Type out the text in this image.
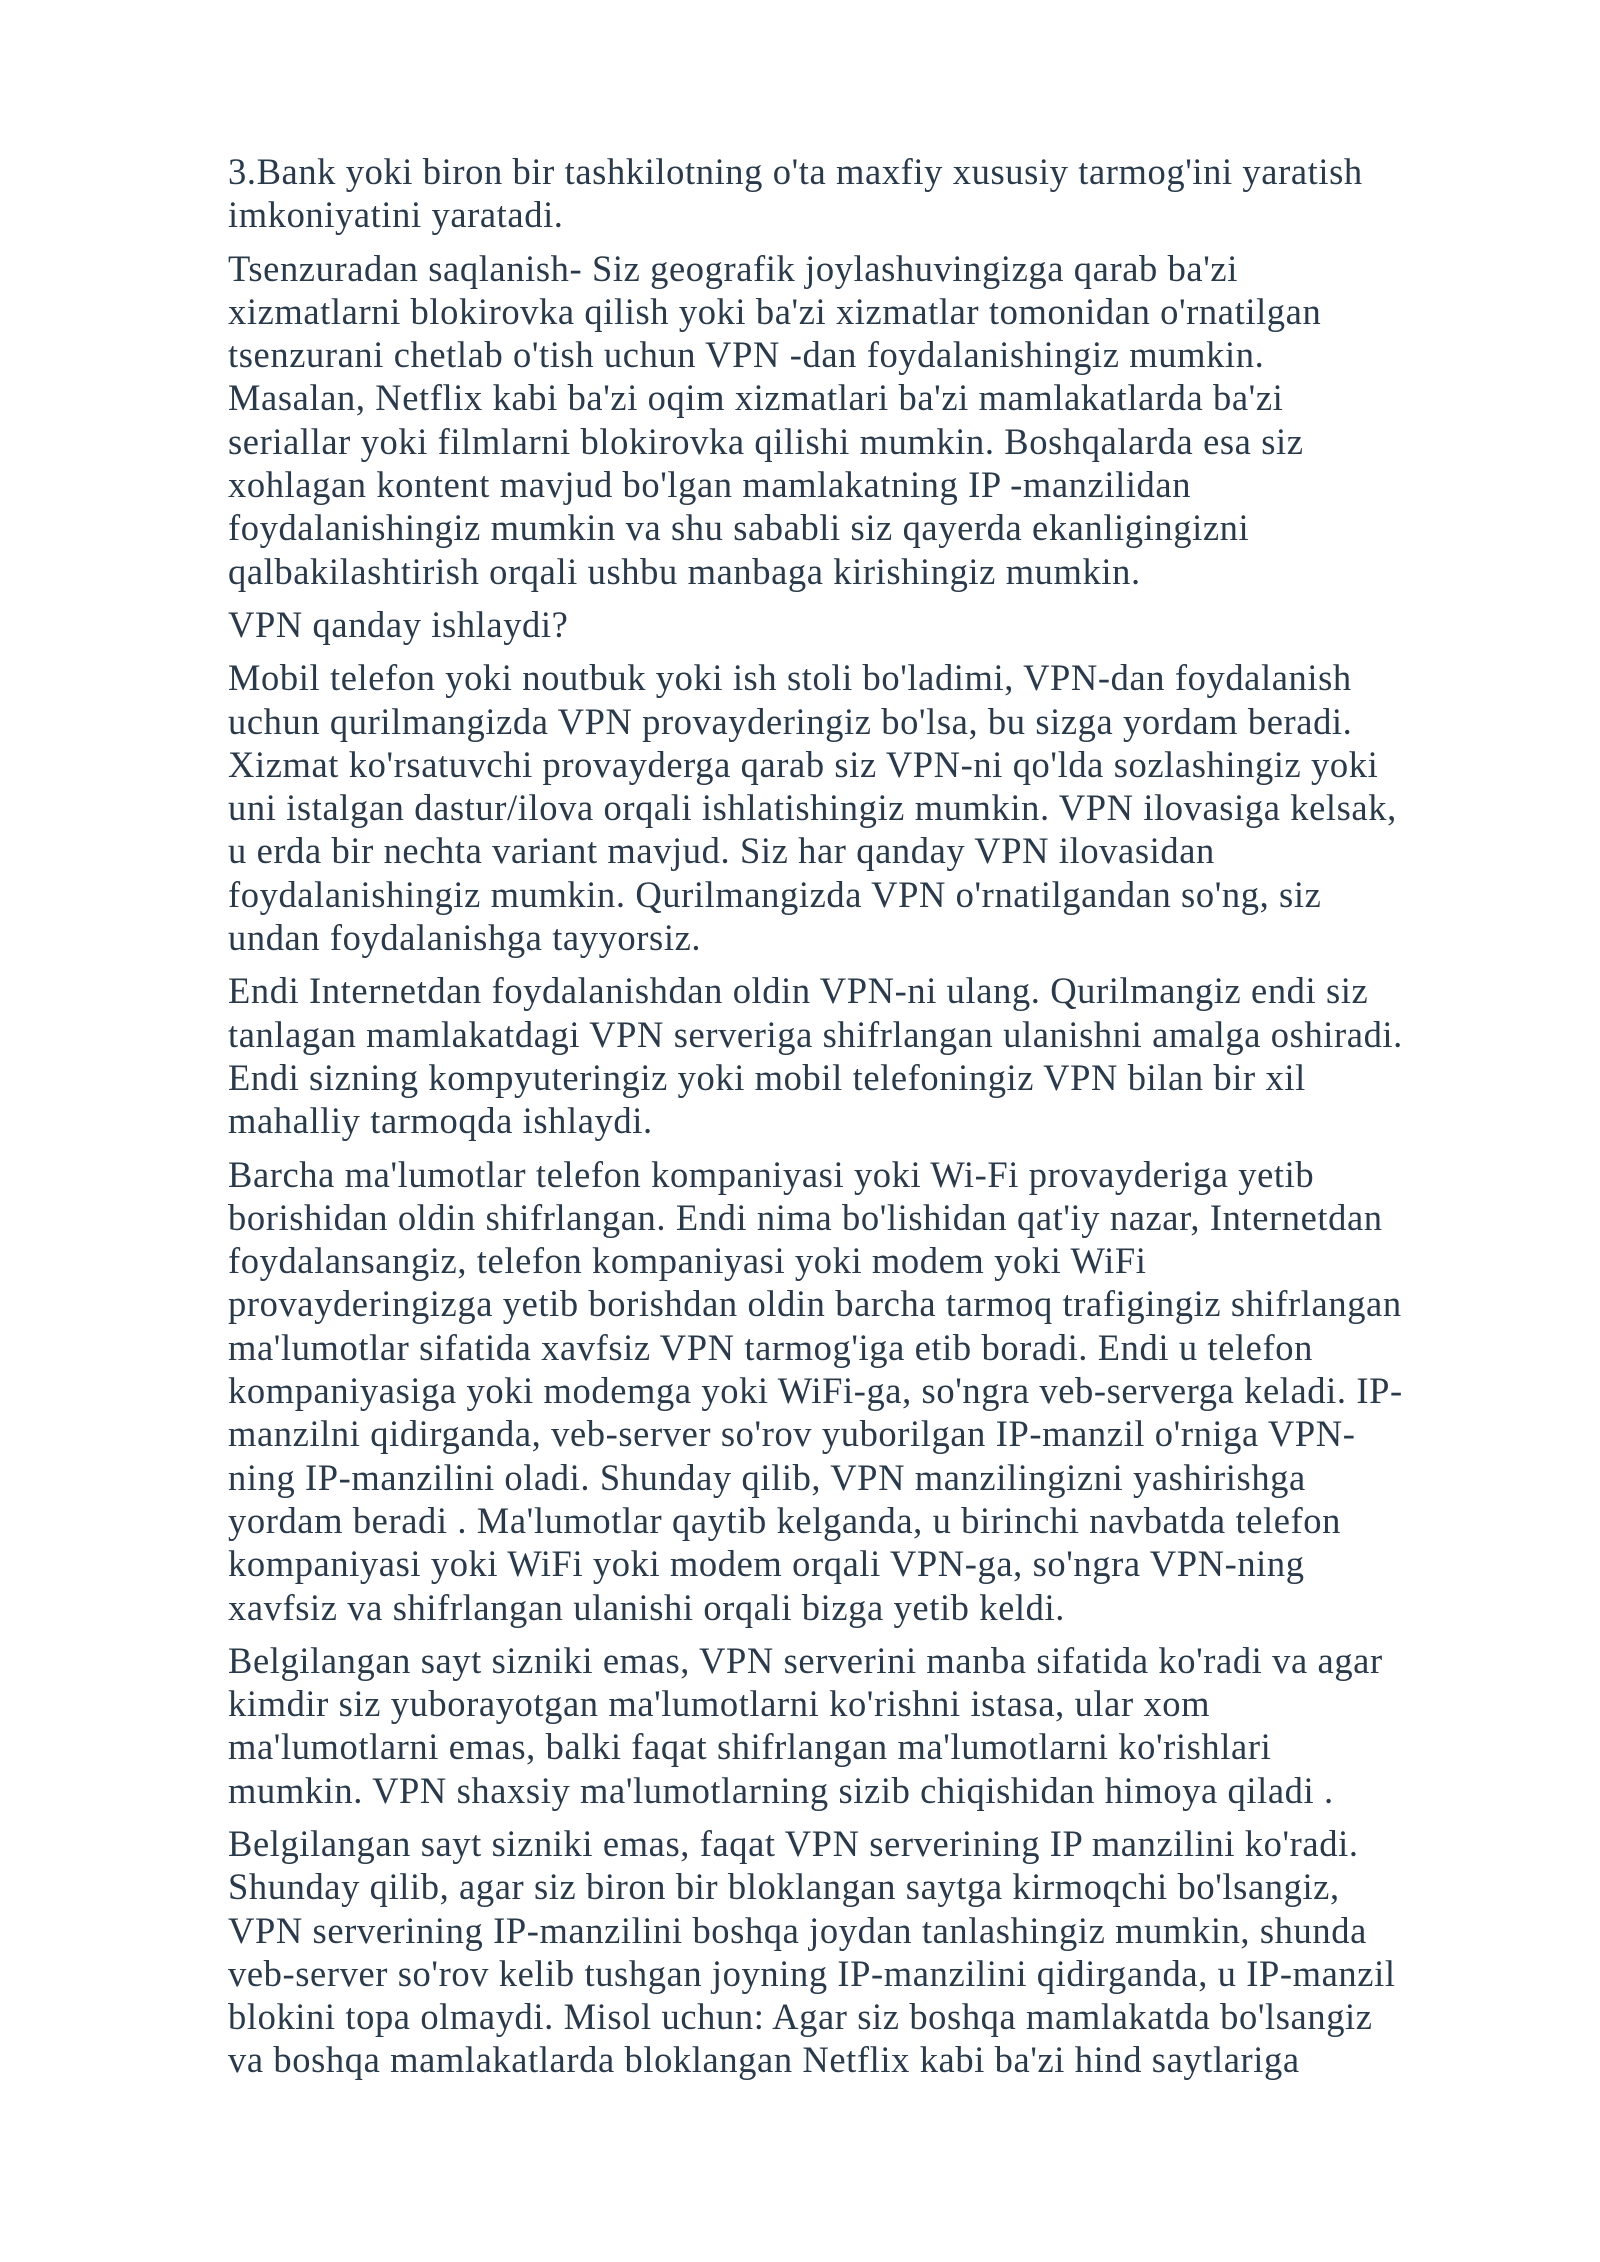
3.Bank yoki biron bir tashkilotning o'ta maxfiy xususiy tarmog'ini yaratish
imkoniyatini yaratadi.

Tsenzuradan saqlanish- Siz geografik joylashuvingizga qarab ba'zi
xizmatlarni blokirovka qilish yoki ba'zi xizmatlar tomonidan o'rnatilgan
tsenzurani chetlab o'tish uchun VPN -dan foydalanishingiz mumkin.
Masalan, Netflix kabi ba'zi oqim xizmatlari ba'zi mamlakatlarda ba'zi
seriallar yoki filmlarni blokirovka qilishi mumkin. Boshqalarda esa siz
xohlagan kontent mavjud bo'lgan mamlakatning IP -manzilidan
foydalanishingiz mumkin va shu sababli siz qayerda ekanligingizni
qalbakilashtirish orqali ushbu manbaga kirishingiz mumkin.

VPN qanday ishlaydi?

Mobil telefon yoki noutbuk yoki ish stoli bo'ladimi, VPN-dan foydalanish
uchun qurilmangizda VPN provayderingiz bo'lsa, bu sizga yordam beradi.
Xizmat ko'rsatuvchi provayderga qarab siz VPN-ni qo'lda sozlashingiz yoki
uni istalgan dastur/ilova orqali ishlatishingiz mumkin. VPN ilovasiga kelsak,
u erda bir nechta variant mavjud. Siz har qanday VPN ilovasidan
foydalanishingiz mumkin. Qurilmangizda VPN o'rnatilgandan so'ng, siz
undan foydalanishga tayyorsiz.

Endi Internetdan foydalanishdan oldin VPN-ni ulang. Qurilmangiz endi siz
tanlagan mamlakatdagi VPN serveriga shifrlangan ulanishni amalga oshiradi.
Endi sizning kompyuteringiz yoki mobil telefoningiz VPN bilan bir xil
mahalliy tarmoqda ishlaydi.

Barcha ma'lumotlar telefon kompaniyasi yoki Wi-Fi provayderiga yetib
borishidan oldin shifrlangan. Endi nima bo'lishidan qat'iy nazar, Internetdan
foydalansangiz, telefon kompaniyasi yoki modem yoki WiFi
provayderingizga yetib borishdan oldin barcha tarmoq trafigingiz shifrlangan
ma'lumotlar sifatida xavfsiz VPN tarmog'iga etib boradi. Endi u telefon
kompaniyasiga yoki modemga yoki WiFi-ga, so'ngra veb-serverga keladi. IP-
manzilni qidirganda, veb-server so'rov yuborilgan IP-manzil o'rniga VPN-
ning IP-manzilini oladi. Shunday qilib, VPN manzilingizni yashirishga
yordam beradi . Ma'lumotlar qaytib kelganda, u birinchi navbatda telefon
kompaniyasi yoki WiFi yoki modem orqali VPN-ga, so'ngra VPN-ning
xavfsiz va shifrlangan ulanishi orqali bizga yetib keldi.

Belgilangan sayt sizniki emas, VPN serverini manba sifatida ko'radi va agar
kimdir siz yuborayotgan ma'lumotlarni ko'rishni istasa, ular xom
ma'lumotlarni emas, balki faqat shifrlangan ma'lumotlarni ko'rishlari
mumkin. VPN shaxsiy ma'lumotlarning sizib chiqishidan himoya qiladi .

Belgilangan sayt sizniki emas, faqat VPN serverining IP manzilini ko'radi.
Shunday qilib, agar siz biron bir bloklangan saytga kirmoqchi bo'lsangiz,
VPN serverining IP-manzilini boshqa joydan tanlashingiz mumkin, shunda
veb-server so'rov kelib tushgan joyning IP-manzilini qidirganda, u IP-manzil
blokini topa olmaydi. Misol uchun: Agar siz boshqa mamlakatda bo'lsangiz
va boshqa mamlakatlarda bloklangan Netflix kabi ba'zi hind saytlariga
